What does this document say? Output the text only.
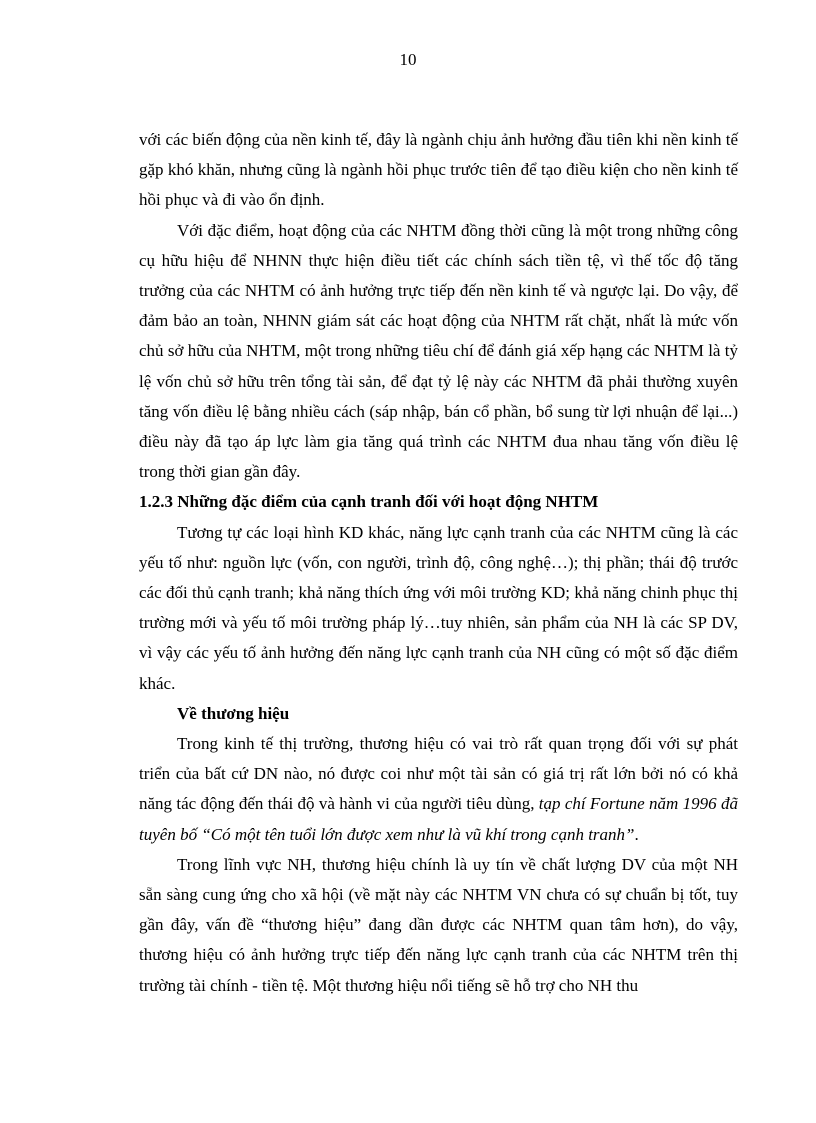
10

với các biến động của nền kinh tế, đây là ngành chịu ảnh hưởng đầu tiên khi nền kinh tế gặp khó khăn, nhưng cũng là ngành hồi phục trước tiên để tạo điều kiện cho nền kinh tế hồi phục và đi vào ổn định.

Với đặc điểm, hoạt động của các NHTM đồng thời cũng là một trong những công cụ hữu hiệu để NHNN thực hiện điều tiết các chính sách tiền tệ, vì thế tốc độ tăng trưởng của các NHTM có ảnh hưởng trực tiếp đến nền kinh tế và ngược lại. Do vậy, để đảm bảo an toàn, NHNN giám sát các hoạt động của NHTM rất chặt, nhất là mức vốn chủ sở hữu của NHTM, một trong những tiêu chí để đánh giá xếp hạng các NHTM là tỷ lệ vốn chủ sở hữu trên tổng tài sản, để đạt tỷ lệ này các NHTM đã phải thường xuyên tăng vốn điều lệ bằng nhiều cách (sáp nhập, bán cổ phần, bổ sung từ lợi nhuận để lại...) điều này đã tạo áp lực làm gia tăng quá trình các NHTM đua nhau tăng vốn điều lệ trong thời gian gần đây.

1.2.3 Những đặc điểm của cạnh tranh đối với hoạt động NHTM

Tương tự các loại hình KD khác, năng lực cạnh tranh của các NHTM cũng là các yếu tố như: nguồn lực (vốn, con người, trình độ, công nghệ…); thị phần; thái độ trước các đối thủ cạnh tranh; khả năng thích ứng với môi trường KD; khả năng chinh phục thị trường mới và yếu tố môi trường pháp lý…tuy nhiên, sản phẩm của NH là các SP DV, vì vậy các yếu tố ảnh hưởng đến năng lực cạnh tranh của NH cũng có một số đặc điểm khác.

Về thương hiệu

Trong kinh tế thị trường, thương hiệu có vai trò rất quan trọng đối với sự phát triển của bất cứ DN nào, nó được coi như một tài sản có giá trị rất lớn bởi nó có khả năng tác động đến thái độ và hành vi của người tiêu dùng, tạp chí Fortune năm 1996 đã tuyên bố “Có một tên tuổi lớn được xem như là vũ khí trong cạnh tranh”.

Trong lĩnh vực NH, thương hiệu chính là uy tín về chất lượng DV của một NH sẵn sàng cung ứng cho xã hội (về mặt này các NHTM VN chưa có sự chuẩn bị tốt, tuy gần đây, vấn đề “thương hiệu” đang dần được các NHTM quan tâm hơn), do vậy, thương hiệu có ảnh hưởng trực tiếp đến năng lực cạnh tranh của các NHTM trên thị trường tài chính - tiền tệ. Một thương hiệu nổi tiếng sẽ hỗ trợ cho NH thu
